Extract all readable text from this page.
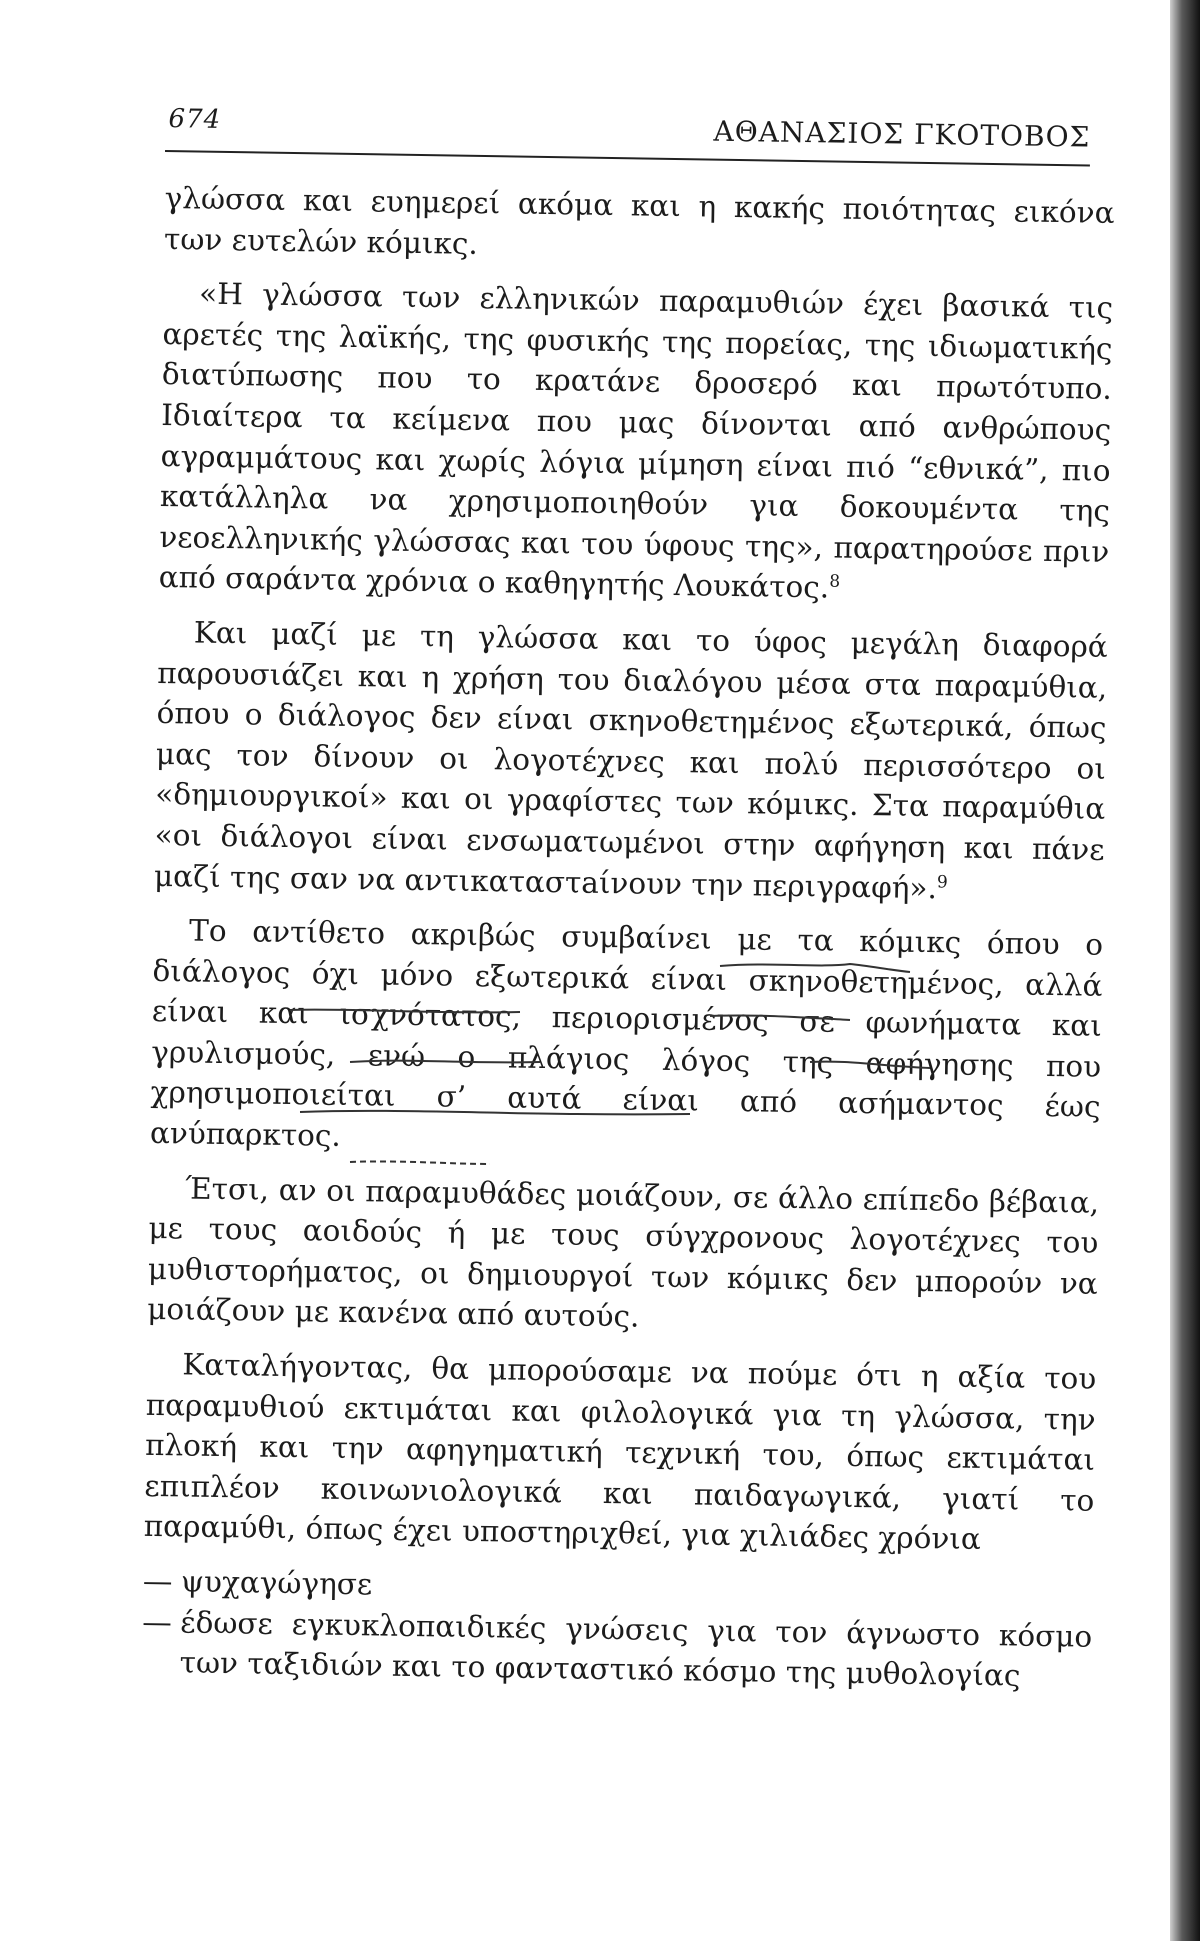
674	ΑΘΑΝΑΣΙΟΣ ΓΚΟΤΟΒΟΣ

γλώσσα και ευημερεί ακόμα και η κακής ποιότητας εικόνα των ευτελών κόμικς.

«Η γλώσσα των ελληνικών παραμυθιών έχει βασικά τις αρετές της λαϊκής, της φυσικής της πορείας, της ιδιωματικής διατύπωσης που το κρατάνε δροσερό και πρωτότυπο. Ιδιαίτερα τα κείμενα που μας δίνονται από ανθρώπους αγραμμάτους και χωρίς λόγια μίμηση είναι πιό “εθνικά”, πιο κατάλληλα να χρησιμοποιηθούν για δοκουμέντα της νεοελληνικής γλώσσας και του ύφους της», παρατηρούσε πριν από σαράντα χρόνια ο καθηγητής Λουκάτος.$^8$

Και μαζί με τη γλώσσα και το ύφος μεγάλη διαφορά παρουσιάζει και η χρήση του διαλόγου μέσα στα παραμύθια, όπου ο διάλογος δεν είναι σκηνοθετημένος εξωτερικά, όπως μας τον δίνουν οι λογοτέχνες και πολύ περισσότερο οι «δημιουργικοί» και οι γραφίστες των κόμικς. Στα παραμύθια «οι διάλογοι είναι ενσωματωμένοι στην αφήγηση και πάνε μαζί της σαν να αντικαταστaίνουν την περιγραφή».$^9$

Το αντίθετο ακριβώς συμβαίνει με τα κόμικς όπου ο διάλογος όχι μόνο εξωτερικά είναι σκηνοθετημένος, αλλά είναι και ισχνότατος, περιορισμένος σε φωνήματα και γρυλισμούς, ενώ ο πλάγιος λόγος της αφήγησης που χρησιμοποιείται σ’ αυτά είναι από ασήμαντος έως ανύπαρκτος.

Έτσι, αν οι παραμυθάδες μοιάζουν, σε άλλο επίπεδο βέβαια, με τους αοιδούς ή με τους σύγχρονους λογοτέχνες του μυθιστορήματος, οι δημιουργοί των κόμικς δεν μπορούν να μοιάζουν με κανένα από αυτούς.

Καταλήγοντας, θα μπορούσαμε να πούμε ότι η αξία του παραμυθιού εκτιμάται και φιλολογικά για τη γλώσσα, την πλοκή και την αφηγηματική τεχνική του, όπως εκτιμάται επιπλέον κοινωνιολογικά και παιδαγωγικά, γιατί το παραμύθι, όπως έχει υποστηριχθεί, για χιλιάδες χρόνια

— ψυχαγώγησε
— έδωσε εγκυκλοπαιδικές γνώσεις για τον άγνωστο κόσμο των ταξιδιών και το φανταστικό κόσμο της μυθολογίας
